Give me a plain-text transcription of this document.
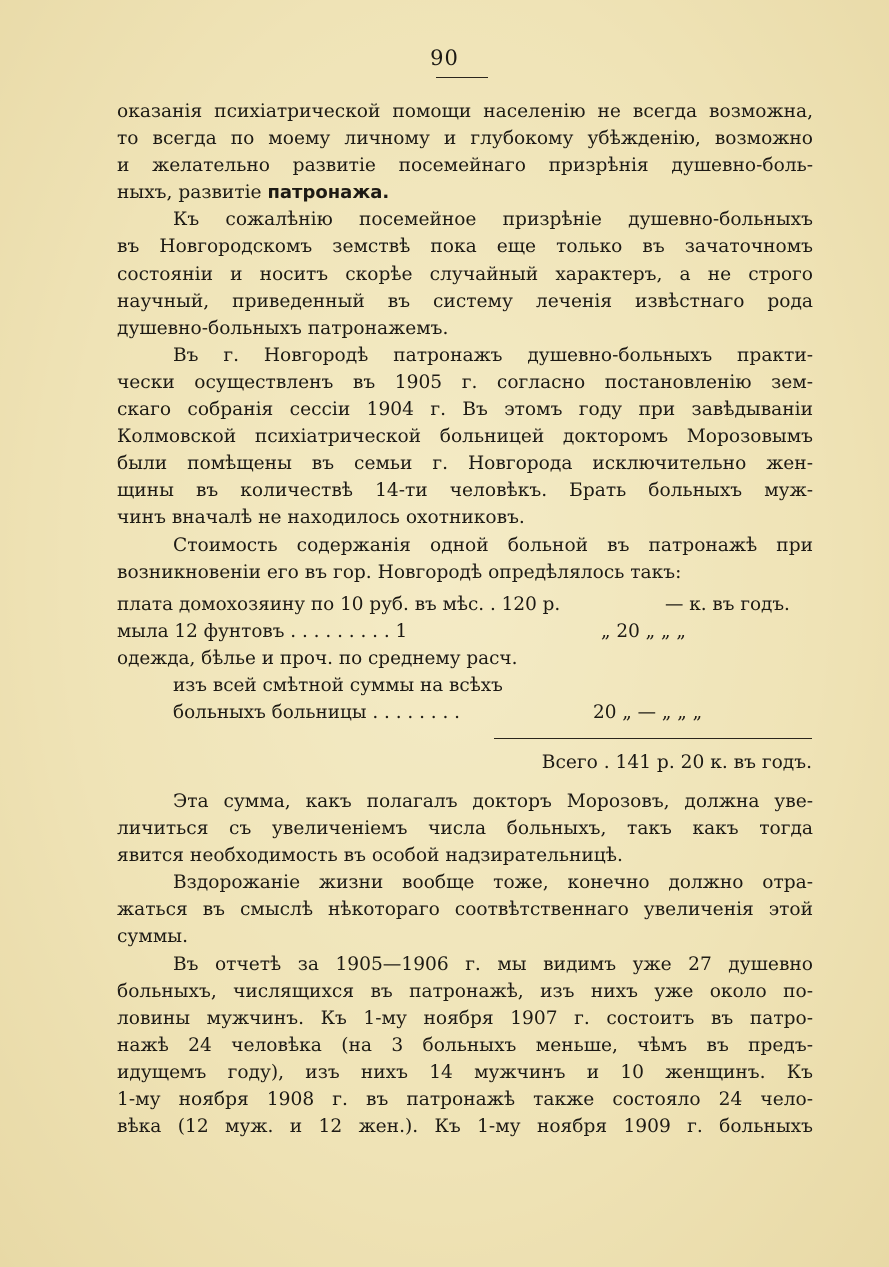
90
оказанія психіатрической помощи населенію не всегда возможна,
то всегда по моему личному и глубокому убѣжденію, возможно
и желательно развитіе посемейнаго призрѣнія душевно-боль-
ныхъ, развитіе патронажа.
Къ сожалѣнію посемейное призрѣніе душевно-больныхъ
въ Новгородскомъ земствѣ пока еще только въ зачаточномъ
состояніи и носитъ скорѣе случайный характеръ, а не строго
научный, приведенный въ систему леченія извѣстнаго рода
душевно-больныхъ патронажемъ.
Въ г. Новгородѣ патронажъ душевно-больныхъ практи-
чески осуществленъ въ 1905 г. согласно постановленію зем-
скаго собранія сессіи 1904 г. Въ этомъ году при завѣдываніи
Колмовской психіатрической больницей докторомъ Морозовымъ
были помѣщены въ семьи г. Новгорода исключительно жен-
щины въ количествѣ 14-ти человѣкъ. Брать больныхъ муж-
чинъ вначалѣ не находилось охотниковъ.
Стоимость содержанія одной больной въ патронажѣ при
возникновеніи его въ гор. Новгородѣ опредѣлялось такъ:
плата домохозяину по 10 руб. въ мѣс. . 120 р.	— к. въ годъ.
мыла 12 фунтовъ . . . . . . . . . 1	„ 20 „ „ „
одежда, бѣлье и проч. по среднему расч.
изъ всей смѣтной суммы на всѣхъ
больныхъ больницы . . . . . . . .	20 „ — „ „ „
Всего . 141 р. 20 к. въ годъ.
Эта сумма, какъ полагалъ докторъ Морозовъ, должна уве-
личиться съ увеличеніемъ числа больныхъ, такъ какъ тогда
явится необходимость въ особой надзирательницѣ.
Вздорожаніе жизни вообще тоже, конечно должно отра-
жаться въ смыслѣ нѣкотораго соотвѣтственнаго увеличенія этой
суммы.
Въ отчетѣ за 1905—1906 г. мы видимъ уже 27 душевно
больныхъ, числящихся въ патронажѣ, изъ нихъ уже около по-
ловины мужчинъ. Къ 1-му ноября 1907 г. состоитъ въ патро-
нажѣ 24 человѣка (на 3 больныхъ меньше, чѣмъ въ предъ-
идущемъ году), изъ нихъ 14 мужчинъ и 10 женщинъ. Къ
1-му ноября 1908 г. въ патронажѣ также состояло 24 чело-
вѣка (12 муж. и 12 жен.). Къ 1-му ноября 1909 г. больныхъ
